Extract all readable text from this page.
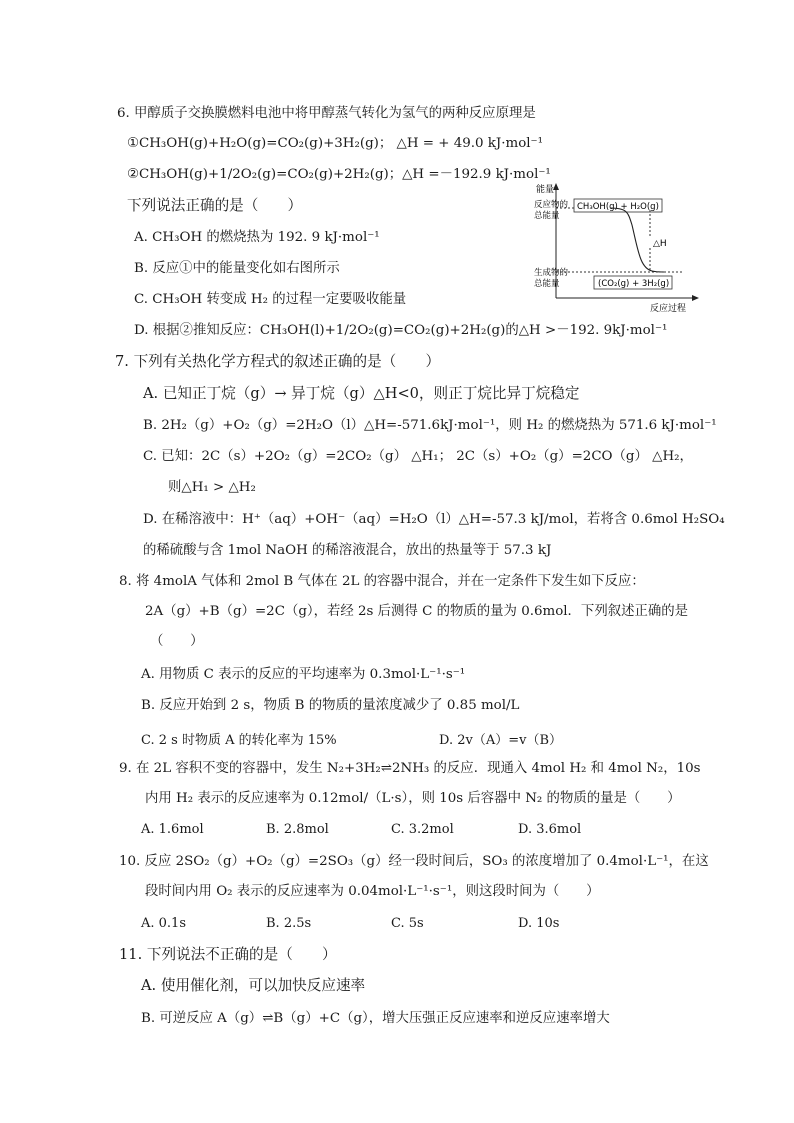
6. 甲醇质子交换膜燃料电池中将甲醇蒸气转化为氢气的两种反应原理是
①CH₃OH(g)+H₂O(g)=CO₂(g)+3H₂(g)； △H = + 49.0 kJ·mol⁻¹
②CH₃OH(g)+1/2O₂(g)=CO₂(g)+2H₂(g)；△H =－192.9 kJ·mol⁻¹
下列说法正确的是（　　）
A. CH₃OH 的燃烧热为 192. 9 kJ·mol⁻¹
B. 反应①中的能量变化如右图所示
C. CH₃OH 转变成 H₂ 的过程一定要吸收能量
D. 根据②推知反应：CH₃OH(l)+1/2O₂(g)=CO₂(g)+2H₂(g)的△H >－192. 9kJ·mol⁻¹
能量
反应过程
反应物的
总能量
CH₃OH(g) + H₂O(g)
生成物的
总能量	(CO₂(g) + 3H₂(g)
△H
7. 下列有关热化学方程式的叙述正确的是（　　）
A. 已知正丁烷（g）→ 异丁烷（g）△H<0，则正丁烷比异丁烷稳定
B. 2H₂（g）+O₂（g）=2H₂O（l）△H=-571.6kJ·mol⁻¹，则 H₂ 的燃烧热为 571.6 kJ·mol⁻¹
C. 已知：2C（s）+2O₂（g）=2CO₂（g） △H₁； 2C（s）+O₂（g）=2CO（g） △H₂，
则△H₁ > △H₂
D. 在稀溶液中：H⁺（aq）+OH⁻（aq）=H₂O（l）△H=-57.3 kJ/mol，若将含 0.6mol H₂SO₄
的稀硫酸与含 1mol NaOH 的稀溶液混合，放出的热量等于 57.3 kJ
8. 将 4molA 气体和 2mol B 气体在 2L 的容器中混合，并在一定条件下发生如下反应：
2A（g）+B（g）=2C（g），若经 2s 后测得 C 的物质的量为 0.6mol．下列叙述正确的是
（　　）
A. 用物质 C 表示的反应的平均速率为 0.3mol·L⁻¹·s⁻¹
B. 反应开始到 2 s，物质 B 的物质的量浓度减少了 0.85 mol/L
C. 2 s 时物质 A 的转化率为 15%	D. 2v（A）=v（B）
9. 在 2L 容积不变的容器中，发生 N₂+3H₂⇌2NH₃ 的反应．现通入 4mol H₂ 和 4mol N₂，10s
内用 H₂ 表示的反应速率为 0.12mol/（L·s），则 10s 后容器中 N₂ 的物质的量是（　　）
A. 1.6mol	B. 2.8mol	C. 3.2mol	D. 3.6mol
10. 反应 2SO₂（g）+O₂（g）=2SO₃（g）经一段时间后，SO₃ 的浓度增加了 0.4mol·L⁻¹，在这
段时间内用 O₂ 表示的反应速率为 0.04mol·L⁻¹·s⁻¹，则这段时间为（　　）
A. 0.1s	B. 2.5s	C. 5s	D. 10s
11. 下列说法不正确的是（　　）
A. 使用催化剂，可以加快反应速率
B. 可逆反应 A（g）⇌B（g）+C（g），增大压强正反应速率和逆反应速率增大
